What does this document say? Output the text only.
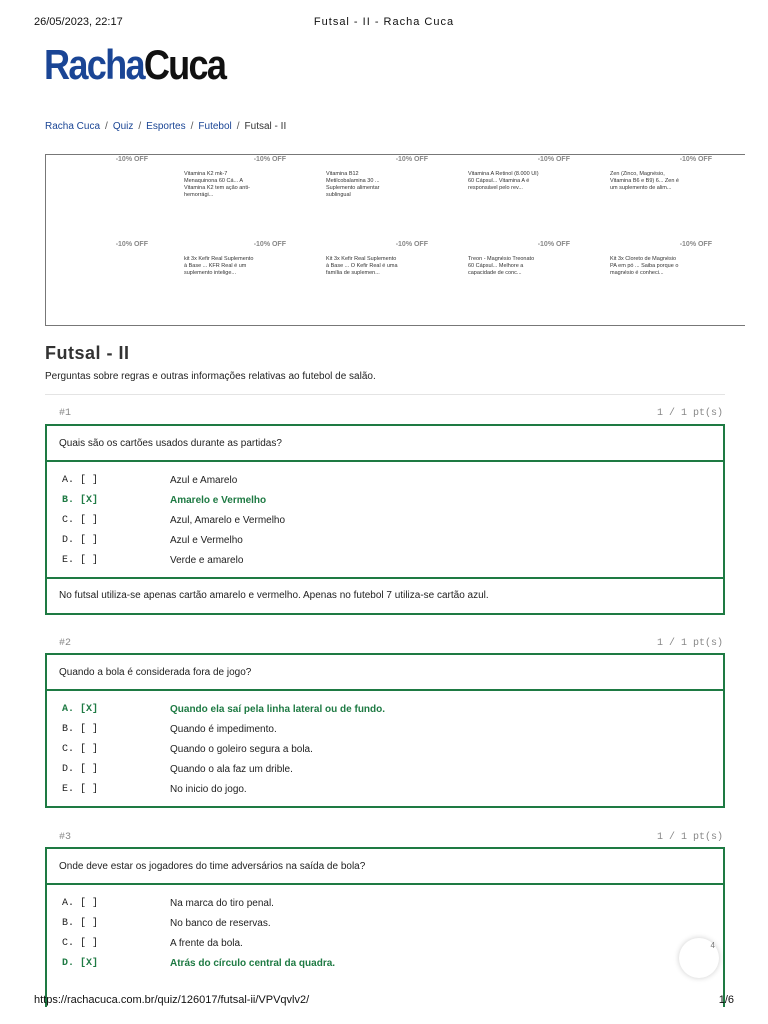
26/05/2023, 22:17	Futsal - II - Racha Cuca
RachaCuca
Racha Cuca / Quiz / Esportes / Futebol / Futsal - II
-10% OFF	-10% OFF
Vitamina K2 mk-7 Menaquinona 60 Cá... A Vitamina K2 tem ação anti-hemorrági...
-10% OFF
Vitamina B12 Metilcobalamina 30 ... Suplemento alimentar sublingual
-10% OFF
Vitamina A Retinol (8.000 UI) 60 Cápsul... Vitamina A é responsável pelo rev...
-10% OFF
Zen (Zinco, Magnésio, Vitamina B6 e B9) 6... Zen é um suplemento de alim...
-10% OFF	-10% OFF
kit 3x Kefir Real Suplemento à Base ... KFR Real é um suplemento intelige...
-10% OFF
Kit 3x Kefir Real Suplemento à Base ... O Kefir Real é uma família de suplemen...
-10% OFF
Treon - Magnésio Treonato 60 Cápsul... Melhore a capacidade de conc...
-10% OFF
Kit 3x Cloreto de Magnésio PA em pó ... Saiba porque o magnésio é conheci...
Futsal - II

Perguntas sobre regras e outras informações relativas ao futebol de salão.

#1	1 / 1 pt(s)
Quais são os cartões usados durante as partidas?
A. [ ]	Azul e Amarelo
B. [X]	Amarelo e Vermelho
C. [ ]	Azul, Amarelo e Vermelho
D. [ ]	Azul e Vermelho
E. [ ]	Verde e amarelo
No futsal utiliza-se apenas cartão amarelo e vermelho. Apenas no futebol 7 utiliza-se cartão azul.
#2	1 / 1 pt(s)
Quando a bola é considerada fora de jogo?
A. [X]	Quando ela saí pela linha lateral ou de fundo.
B. [ ]	Quando é impedimento.
C. [ ]	Quando o goleiro segura a bola.
D. [ ]	Quando o ala faz um drible.
E. [ ]	No inicio do jogo.
#3	1 / 1 pt(s)
Onde deve estar os jogadores do time adversários na saída de bola?
A. [ ]	Na marca do tiro penal.
B. [ ]	No banco de reservas.
C. [ ]	A frente da bola.
D. [X]	Atrás do círculo central da quadra.
4
https://rachacuca.com.br/quiz/126017/futsal-ii/VPVqvlv2/	1/6
